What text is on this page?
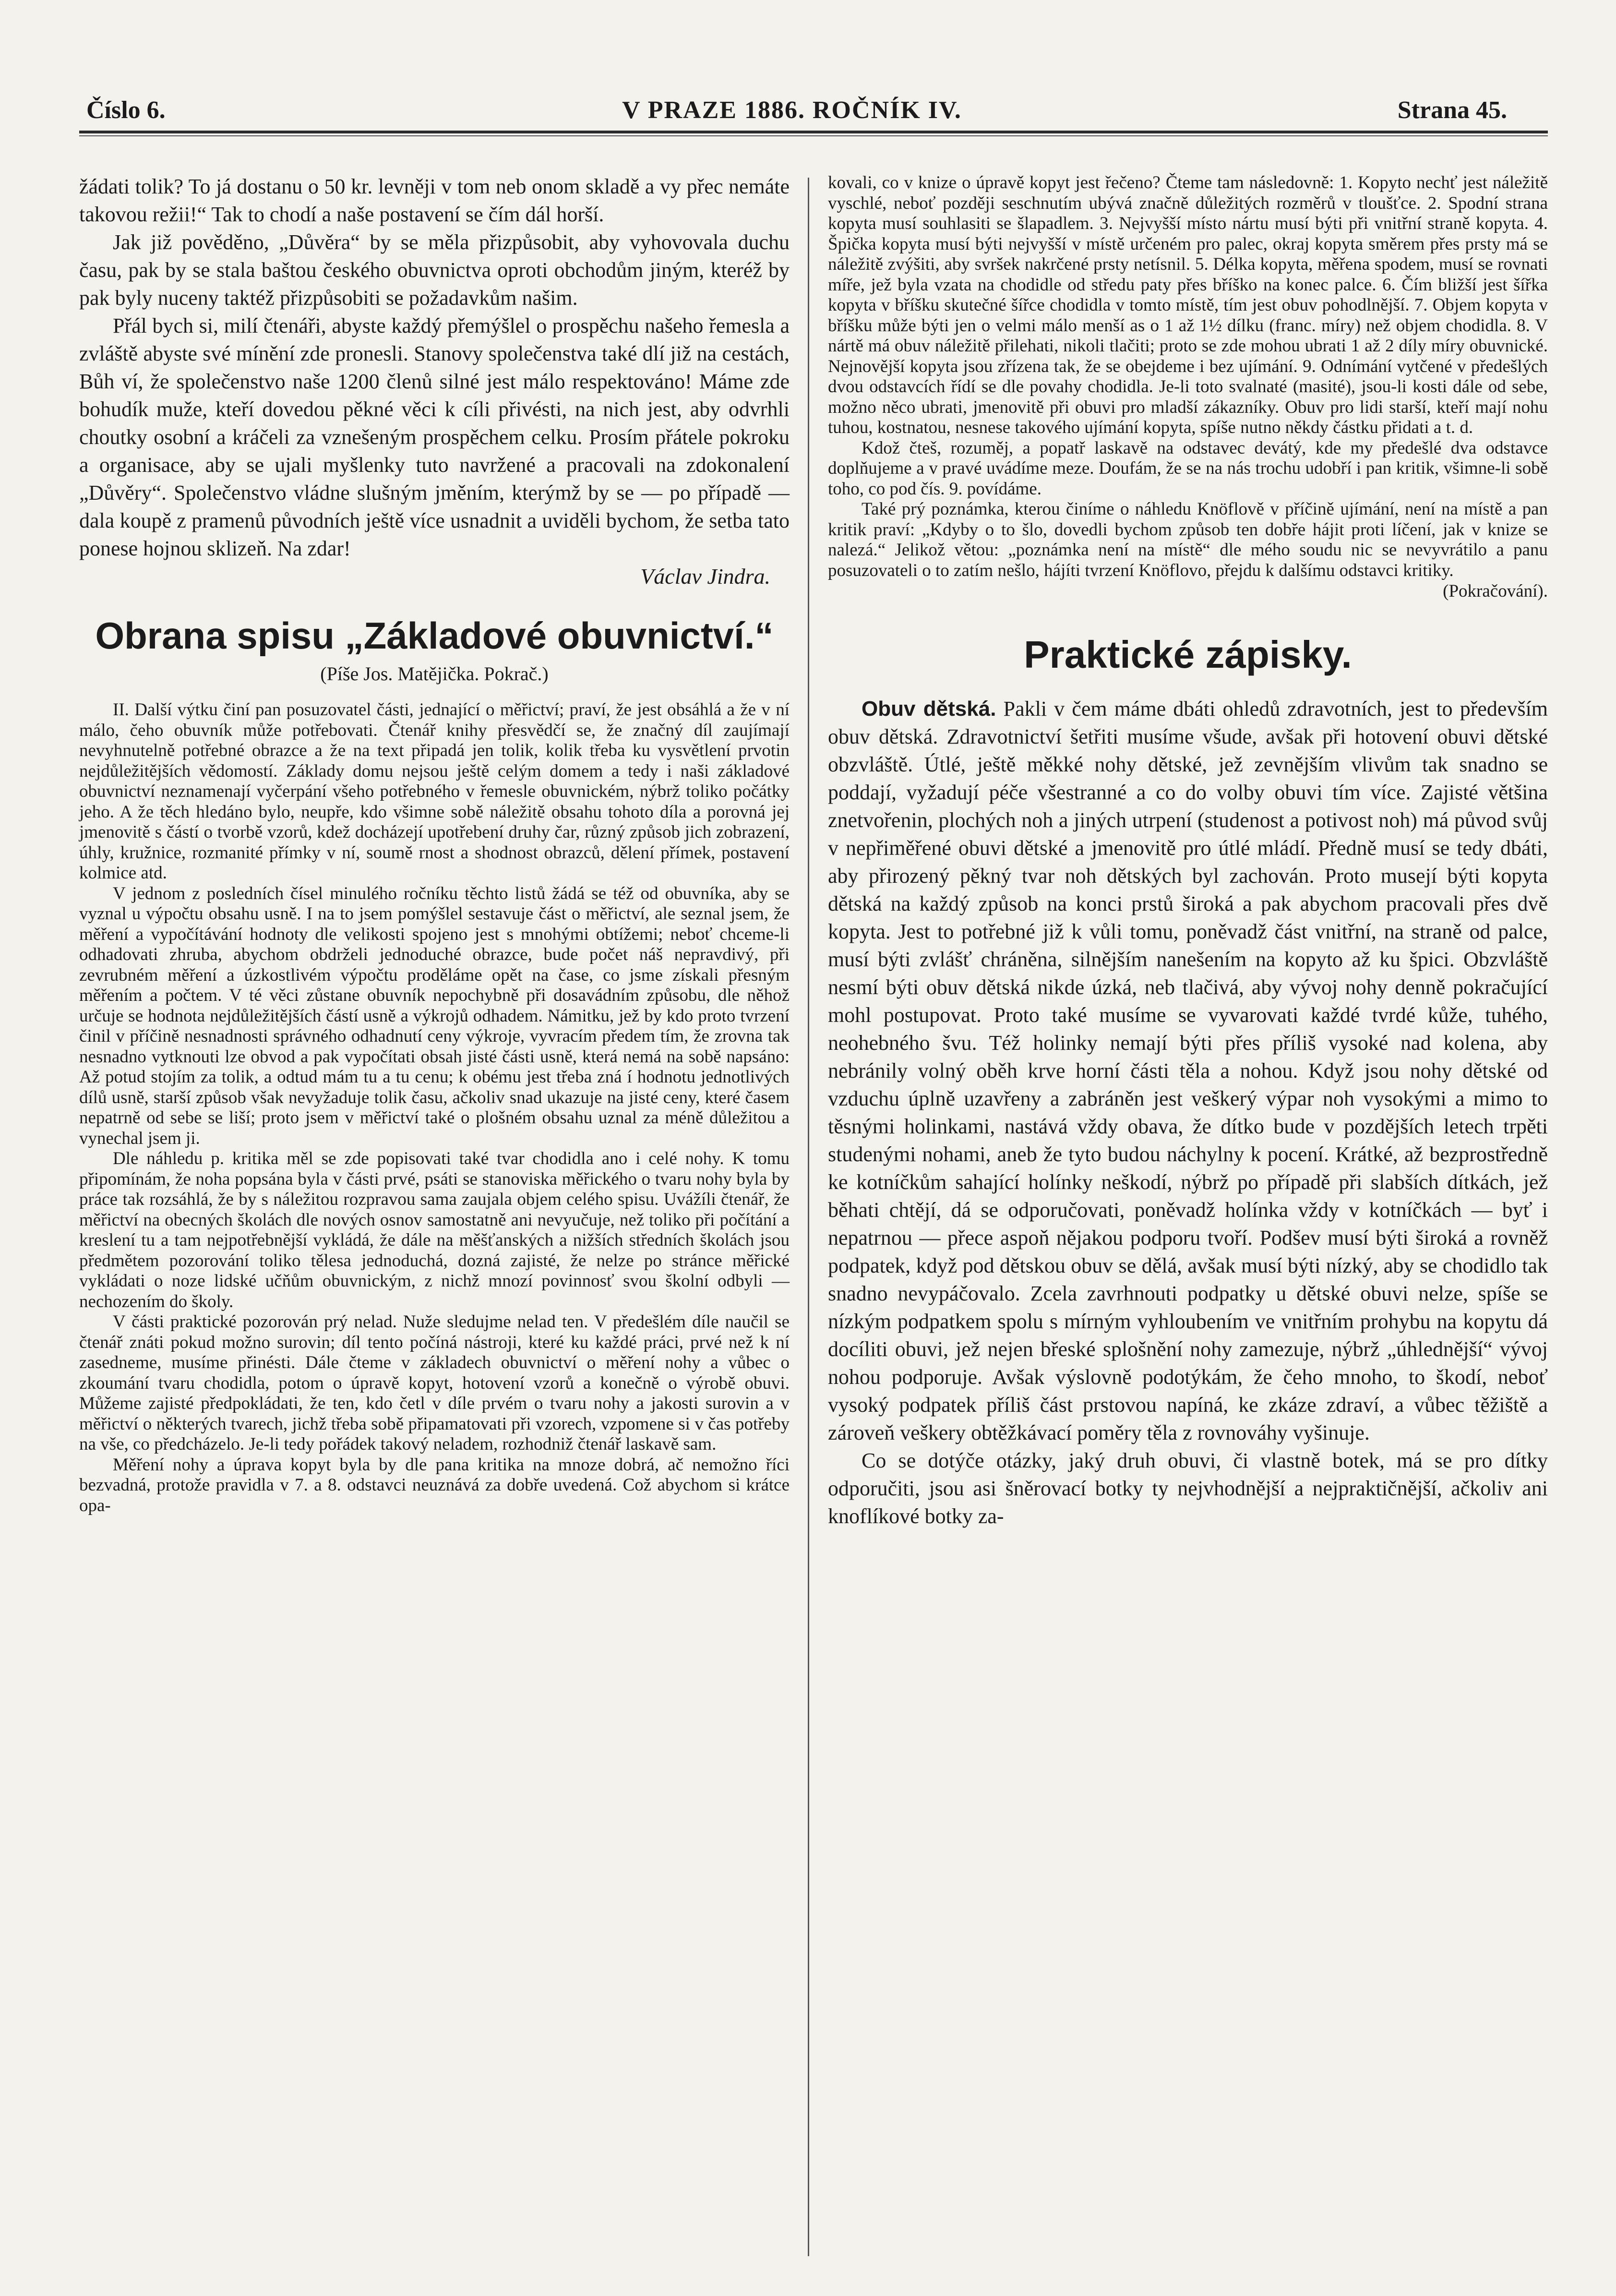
Číslo 6.	V PRAZE 1886. ROČNÍK IV.	Strana 45.

žádati tolik? To já dostanu o 50 kr. levněji v tom neb onom skladě a vy přec nemáte takovou režii!“ Tak to chodí a naše postavení se čím dál horší.

Jak již pověděno, „Důvěra“ by se měla přizpůsobit, aby vyhovovala duchu času, pak by se stala baštou českého obuvnictva oproti obchodům jiným, kteréž by pak byly nuceny taktéž přizpůsobiti se požadavkům našim.

Přál bych si, milí čtenáři, abyste každý přemýšlel o prospěchu našeho řemesla a zvláště abyste své mínění zde pronesli. Stanovy společenstva také dlí již na cestách, Bůh ví, že společenstvo naše 1200 členů silné jest málo respektováno! Máme zde bohudík muže, kteří dovedou pěkné věci k cíli přivésti, na nich jest, aby odvrhli choutky osobní a kráčeli za vznešeným prospěchem celku. Prosím přátele pokroku a organisace, aby se ujali myšlenky tuto navržené a pracovali na zdokonalení „Důvěry“. Společenstvo vládne slušným jměním, kterýmž by se — po případě — dala koupě z pramenů původních ještě více usnadnit a uviděli bychom, že setba tato ponese hojnou sklizeň. Na zdar!

Václav Jindra.

Obrana spisu „Základové obuvnictví.“
(Píše Jos. Matějička. Pokrač.)

II. Další výtku činí pan posuzovatel části, jednající o měřictví; praví, že jest obsáhlá a že v ní málo, čeho obuvník může potřebovati. Čtenář knihy přesvědčí se, že značný díl zaujímají nevyhnutelně potřebné obrazce a že na text připadá jen tolik, kolik třeba ku vysvětlení prvotin nejdůležitějších vědomostí. Základy domu nejsou ještě celým domem a tedy i naši základové obuvnictví neznamenají vyčerpání všeho potřebného v řemesle obuvnickém, nýbrž toliko počátky jeho. A že těch hledáno bylo, neupře, kdo všimne sobě náležitě obsahu tohoto díla a porovná jej jmenovitě s částí o tvorbě vzorů, kdež docházejí upotřebení druhy čar, různý způsob jich zobrazení, úhly, kružnice, rozmanité přímky v ní, soumě rnost a shodnost obrazců, dělení přímek, postavení kolmice atd.

V jednom z posledních čísel minulého ročníku těchto listů žádá se též od obuvníka, aby se vyznal u výpočtu obsahu usně. I na to jsem pomýšlel sestavuje část o měřictví, ale seznal jsem, že měření a vypočítávání hodnoty dle velikosti spojeno jest s mnohými obtížemi; neboť chceme-li odhadovati zhruba, abychom obdrželi jednoduché obrazce, bude počet náš nepravdivý, při zevrubném měření a úzkostlivém výpočtu proděláme opět na čase, co jsme získali přesným měřením a počtem. V té věci zůstane obuvník nepochybně při dosavádním způsobu, dle něhož určuje se hodnota nejdůležitějších částí usně a výkrojů odhadem. Námitku, jež by kdo proto tvrzení činil v příčině nesnadnosti správného odhadnutí ceny výkroje, vyvracím předem tím, že zrovna tak nesnadno vytknouti lze obvod a pak vypočítati obsah jisté části usně, která nemá na sobě napsáno: Až potud stojím za tolik, a odtud mám tu a tu cenu; k obému jest třeba zná í hodnotu jednotlivých dílů usně, starší způsob však nevyžaduje tolik času, ačkoliv snad ukazuje na jisté ceny, které časem nepatrně od sebe se liší; proto jsem v měřictví také o plošném obsahu uznal za méně důležitou a vynechal jsem ji.

Dle náhledu p. kritika měl se zde popisovati také tvar chodidla ano i celé nohy. K tomu připomínám, že noha popsána byla v části prvé, psáti se stanoviska měřického o tvaru nohy byla by práce tak rozsáhlá, že by s náležitou rozpravou sama zaujala objem celého spisu. Uvážíli čtenář, že měřictví na obecných školách dle nových osnov samostatně ani nevyučuje, než toliko při počítání a kreslení tu a tam nejpotřebnější vykládá, že dále na měšťanských a nižších středních školách jsou předmětem pozorování toliko tělesa jednoduchá, dozná zajisté, že nelze po stránce měřické vykládati o noze lidské učňům obuvnickým, z nichž mnozí povinnosť svou školní odbyli — nechozením do školy.

V části praktické pozorován prý nelad. Nuže sledujme nelad ten. V předešlém díle naučil se čtenář znáti pokud možno surovin; díl tento počíná nástroji, které ku každé práci, prvé než k ní zasedneme, musíme přinésti. Dále čteme v základech obuvnictví o měření nohy a vůbec o zkoumání tvaru chodidla, potom o úpravě kopyt, hotovení vzorů a konečně o výrobě obuvi. Můžeme zajisté předpokládati, že ten, kdo četl v díle prvém o tvaru nohy a jakosti surovin a v měřictví o některých tvarech, jichž třeba sobě připamatovati při vzorech, vzpomene si v čas potřeby na vše, co předcházelo. Je-li tedy pořádek takový neladem, rozhodniž čtenář laskavě sam.

Měření nohy a úprava kopyt byla by dle pana kritika na mnoze dobrá, ač nemožno říci bezvadná, protože pravidla v 7. a 8. odstavci neuznává za dobře uvedená. Což abychom si krátce opa-

kovali, co v knize o úpravě kopyt jest řečeno? Čteme tam následovně: 1. Kopyto nechť jest náležitě vyschlé, neboť později seschnutím ubývá značně důležitých rozměrů v tloušťce. 2. Spodní strana kopyta musí souhlasiti se šlapadlem. 3. Nejvyšší místo nártu musí býti při vnitřní straně kopyta. 4. Špička kopyta musí býti nejvyšší v místě určeném pro palec, okraj kopyta směrem přes prsty má se náležitě zvýšiti, aby svršek nakrčené prsty netísnil. 5. Délka kopyta, měřena spodem, musí se rovnati míře, jež byla vzata na chodidle od středu paty přes bříško na konec palce. 6. Čím bližší jest šířka kopyta v bříšku skutečné šířce chodidla v tomto místě, tím jest obuv pohodlnější. 7. Objem kopyta v bříšku může býti jen o velmi málo menší as o 1 až 1½ dílku (franc. míry) než objem chodidla. 8. V nártě má obuv náležitě přilehati, nikoli tlačiti; proto se zde mohou ubrati 1 až 2 díly míry obuvnické. Nejnovější kopyta jsou zřízena tak, že se obejdeme i bez ujímání. 9. Odnímání vytčené v předešlých dvou odstavcích řídí se dle povahy chodidla. Je-li toto svalnaté (masité), jsou-li kosti dále od sebe, možno něco ubrati, jmenovitě při obuvi pro mladší zákazníky. Obuv pro lidi starší, kteří mají nohu tuhou, kostnatou, nesnese takového ujímání kopyta, spíše nutno někdy částku přidati a t. d.

Kdož čteš, rozuměj, a popatř laskavě na odstavec devátý, kde my předešlé dva odstavce doplňujeme a v pravé uvádíme meze. Doufám, že se na nás trochu udobří i pan kritik, všimne-li sobě toho, co pod čís. 9. povídáme.

Také prý poznámka, kterou činíme o náhledu Knöflově v příčině ujímání, není na místě a pan kritik praví: „Kdyby o to šlo, dovedli bychom způsob ten dobře hájit proti líčení, jak v knize se nalezá.“ Jelikož větou: „poznámka není na místě“ dle mého soudu nic se nevyvrátilo a panu posuzovateli o to zatím nešlo, hájíti tvrzení Knöflovo, přejdu k dalšímu odstavci kritiky.

(Pokračování).

Praktické zápisky.

Obuv dětská. Pakli v čem máme dbáti ohledů zdravotních, jest to především obuv dětská. Zdravotnictví šetřiti musíme všude, avšak při hotovení obuvi dětské obzvláště. Útlé, ještě měkké nohy dětské, jež zevnějším vlivům tak snadno se poddají, vyžadují péče všestranné a co do volby obuvi tím více. Zajisté většina znetvořenin, plochých noh a jiných utrpení (studenost a potivost noh) má původ svůj v nepřiměřené obuvi dětské a jmenovitě pro útlé mládí. Předně musí se tedy dbáti, aby přirozený pěkný tvar noh dětských byl zachován. Proto musejí býti kopyta dětská na každý způsob na konci prstů široká a pak abychom pracovali přes dvě kopyta. Jest to potřebné již k vůli tomu, poněvadž část vnitřní, na straně od palce, musí býti zvlášť chráněna, silnějším nanešením na kopyto až ku špici. Obzvláště nesmí býti obuv dětská nikde úzká, neb tlačivá, aby vývoj nohy denně pokračující mohl postupovat. Proto také musíme se vyvarovati každé tvrdé kůže, tuhého, neohebného švu. Též holinky nemají býti přes příliš vysoké nad kolena, aby nebránily volný oběh krve horní části těla a nohou. Když jsou nohy dětské od vzduchu úplně uzavřeny a zabráněn jest veškerý výpar noh vysokými a mimo to těsnými holinkami, nastává vždy obava, že dítko bude v pozdějších letech trpěti studenými nohami, aneb že tyto budou náchylny k pocení. Krátké, až bezprostředně ke kotníčkům sahající holínky neškodí, nýbrž po případě při slabších dítkách, jež běhati chtějí, dá se odporučovati, poněvadž holínka vždy v kotníčkách — byť i nepatrnou — přece aspoň nějakou podporu tvoří. Podšev musí býti široká a rovněž podpatek, když pod dětskou obuv se dělá, avšak musí býti nízký, aby se chodidlo tak snadno nevypáčovalo. Zcela zavrhnouti podpatky u dětské obuvi nelze, spíše se nízkým podpatkem spolu s mírným vyhloubením ve vnitřním prohybu na kopytu dá docíliti obuvi, jež nejen břeské splošnění nohy zamezuje, nýbrž „úhlednější“ vývoj nohou podporuje. Avšak výslovně podotýkám, že čeho mnoho, to škodí, neboť vysoký podpatek příliš část prstovou napíná, ke zkáze zdraví, a vůbec těžiště a zároveň veškery obtěžkávací poměry těla z rovnováhy vyšinuje.

Co se dotýče otázky, jaký druh obuvi, či vlastně botek, má se pro dítky odporučiti, jsou asi šněrovací botky ty nejvhodnější a nejpraktičnější, ačkoliv ani knoflíkové botky za-
